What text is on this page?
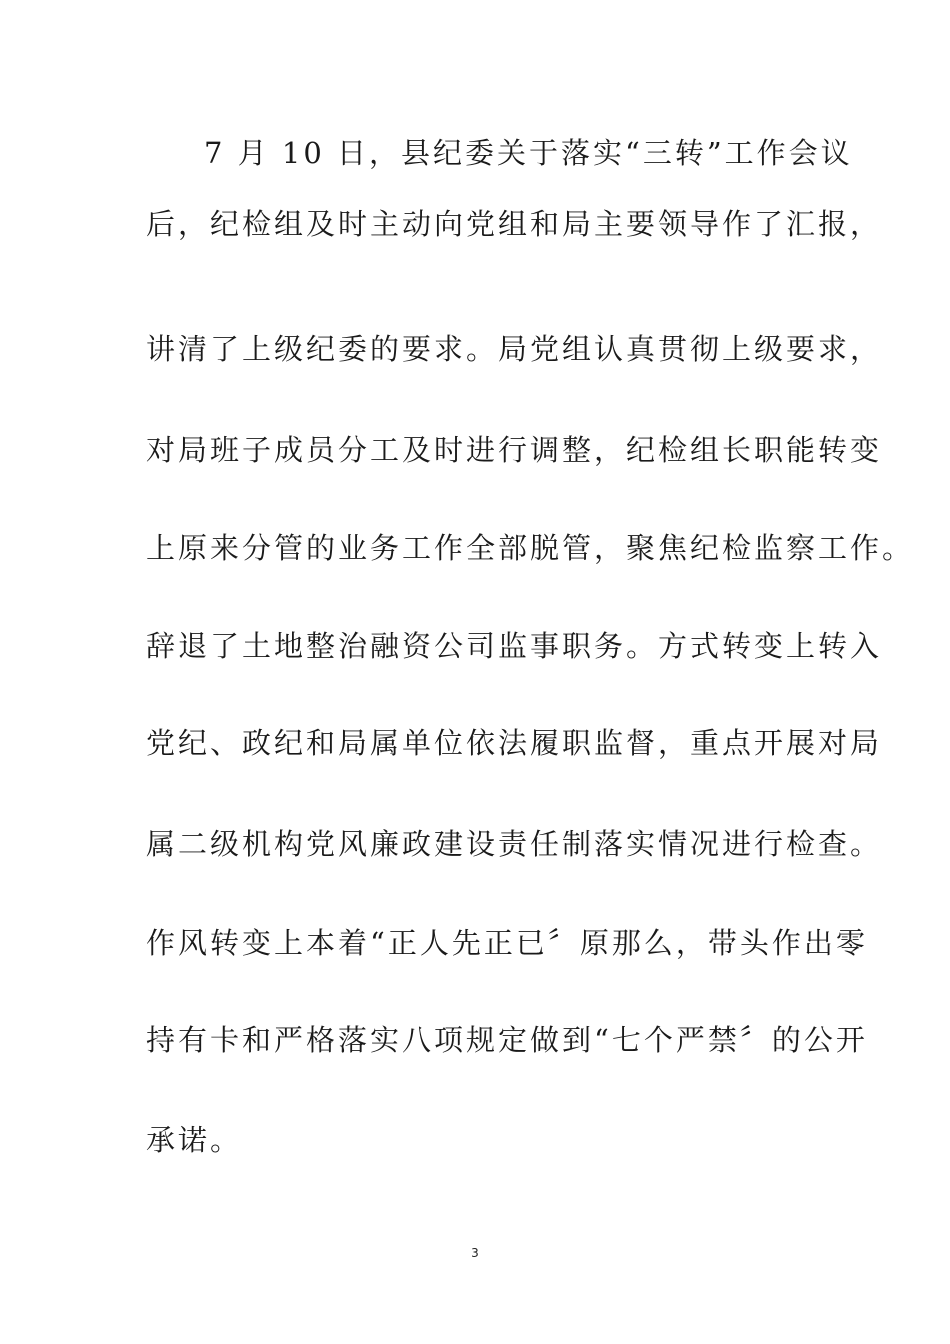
7 月 10 日，县纪委关于落实“三转”工作会议
后，纪检组及时主动向党组和局主要领导作了汇报，
讲清了上级纪委的要求。局党组认真贯彻上级要求，
对局班子成员分工及时进行调整，纪检组长职能转变
上原来分管的业务工作全部脱管，聚焦纪检监察工作。
辞退了土地整治融资公司监事职务。方式转变上转入
党纪、政纪和局属单位依法履职监督，重点开展对局
属二级机构党风廉政建设责任制落实情况进行检查。
作风转变上本着“正人先正已〞原那么，带头作出零
持有卡和严格落实八项规定做到“七个严禁〞的公开
承诺。
3
